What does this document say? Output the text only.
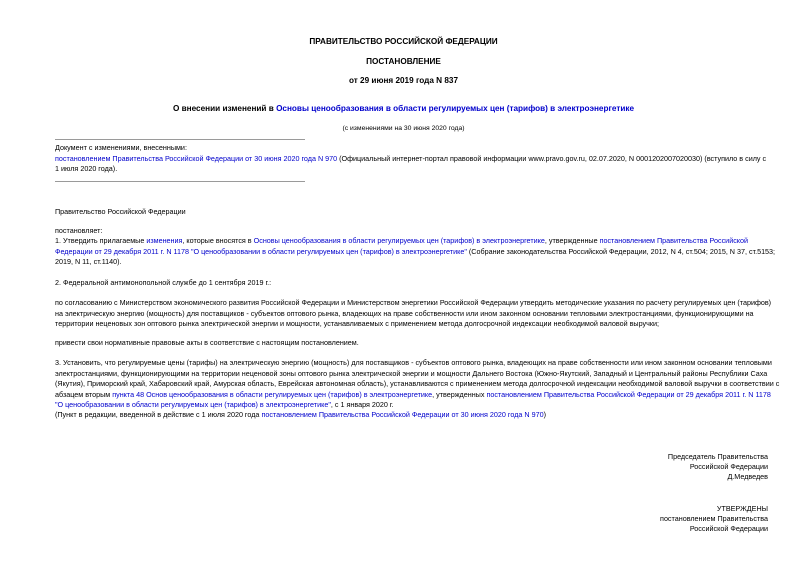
ПРАВИТЕЛЬСТВО РОССИЙСКОЙ ФЕДЕРАЦИИ
ПОСТАНОВЛЕНИЕ
от 29 июня 2019 года N 837
О внесении изменений в Основы ценообразования в области регулируемых цен (тарифов) в электроэнергетике
(с изменениями на 30 июня 2020 года)
Документ с изменениями, внесенными:
постановлением Правительства Российской Федерации от 30 июня 2020 года N 970 (Официальный интернет-портал правовой информации www.pravo.gov.ru, 02.07.2020, N 0001202007020030) (вступило в силу с
1 июля 2020 года).
Правительство Российской Федерации
постановляет:
1. Утвердить прилагаемые изменения, которые вносятся в Основы ценообразования в области регулируемых цен (тарифов) в электроэнергетике, утвержденные постановлением Правительства Российской
Федерации от 29 декабря 2011 г. N 1178 "О ценообразовании в области регулируемых цен (тарифов) в электроэнергетике" (Собрание законодательства Российской Федерации, 2012, N 4, ст.504; 2015, N 37, ст.5153;
2019, N 11, ст.1140).
2. Федеральной антимонопольной службе до 1 сентября 2019 г.:
по согласованию с Министерством экономического развития Российской Федерации и Министерством энергетики Российской Федерации утвердить методические указания по расчету регулируемых цен (тарифов)
на электрическую энергию (мощность) для поставщиков - субъектов оптового рынка, владеющих на праве собственности или ином законном основании тепловыми электростанциями, функционирующими на
территории неценовых зон оптового рынка электрической энергии и мощности, устанавливаемых с применением метода долгосрочной индексации необходимой валовой выручки;
привести свои нормативные правовые акты в соответствие с настоящим постановлением.
3. Установить, что регулируемые цены (тарифы) на электрическую энергию (мощность) для поставщиков - субъектов оптового рынка, владеющих на праве собственности или ином законном основании тепловыми
электростанциями, функционирующими на территории неценовой зоны оптового рынка электрической энергии и мощности Дальнего Востока (Южно-Якутский, Западный и Центральный районы Республики Саха
(Якутия), Приморский край, Хабаровский край, Амурская область, Еврейская автономная область), устанавливаются с применением метода долгосрочной индексации необходимой валовой выручки в соответствии с
абзацем вторым пункта 48 Основ ценообразования в области регулируемых цен (тарифов) в электроэнергетике, утвержденных постановлением Правительства Российской Федерации от 29 декабря 2011 г. N 1178
"О ценообразовании в области регулируемых цен (тарифов) в электроэнергетике", с 1 января 2020 г.
(Пункт в редакции, введенной в действие с 1 июля 2020 года постановлением Правительства Российской Федерации от 30 июня 2020 года N 970)
Председатель Правительства
Российской Федерации
Д.Медведев
УТВЕРЖДЕНЫ
постановлением Правительства
Российской Федерации
